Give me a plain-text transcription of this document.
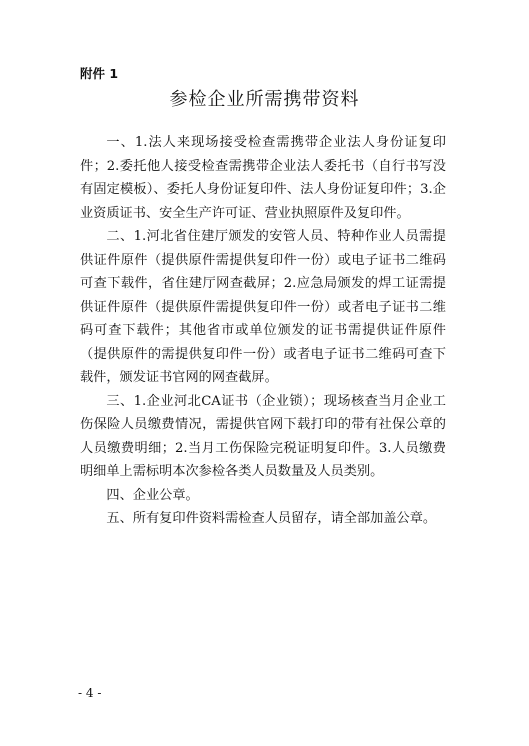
附件 1
参检企业所需携带资料

一、1.法人来现场接受检查需携带企业法人身份证复印件；2.委托他人接受检查需携带企业法人委托书（自行书写没有固定模板）、委托人身份证复印件、法人身份证复印件；3.企业资质证书、安全生产许可证、营业执照原件及复印件。

二、1.河北省住建厅颁发的安管人员、特种作业人员需提供证件原件（提供原件需提供复印件一份）或电子证书二维码可查下载件，省住建厅网查截屏；2.应急局颁发的焊工证需提供证件原件（提供原件需提供复印件一份）或者电子证书二维码可查下载件；其他省市或单位颁发的证书需提供证件原件（提供原件的需提供复印件一份）或者电子证书二维码可查下载件，颁发证书官网的网查截屏。

三、1.企业河北CA证书（企业锁）；现场核查当月企业工伤保险人员缴费情况，需提供官网下载打印的带有社保公章的人员缴费明细；2.当月工伤保险完税证明复印件。3.人员缴费明细单上需标明本次参检各类人员数量及人员类别。

四、企业公章。

五、所有复印件资料需检查人员留存，请全部加盖公章。

- 4 -
